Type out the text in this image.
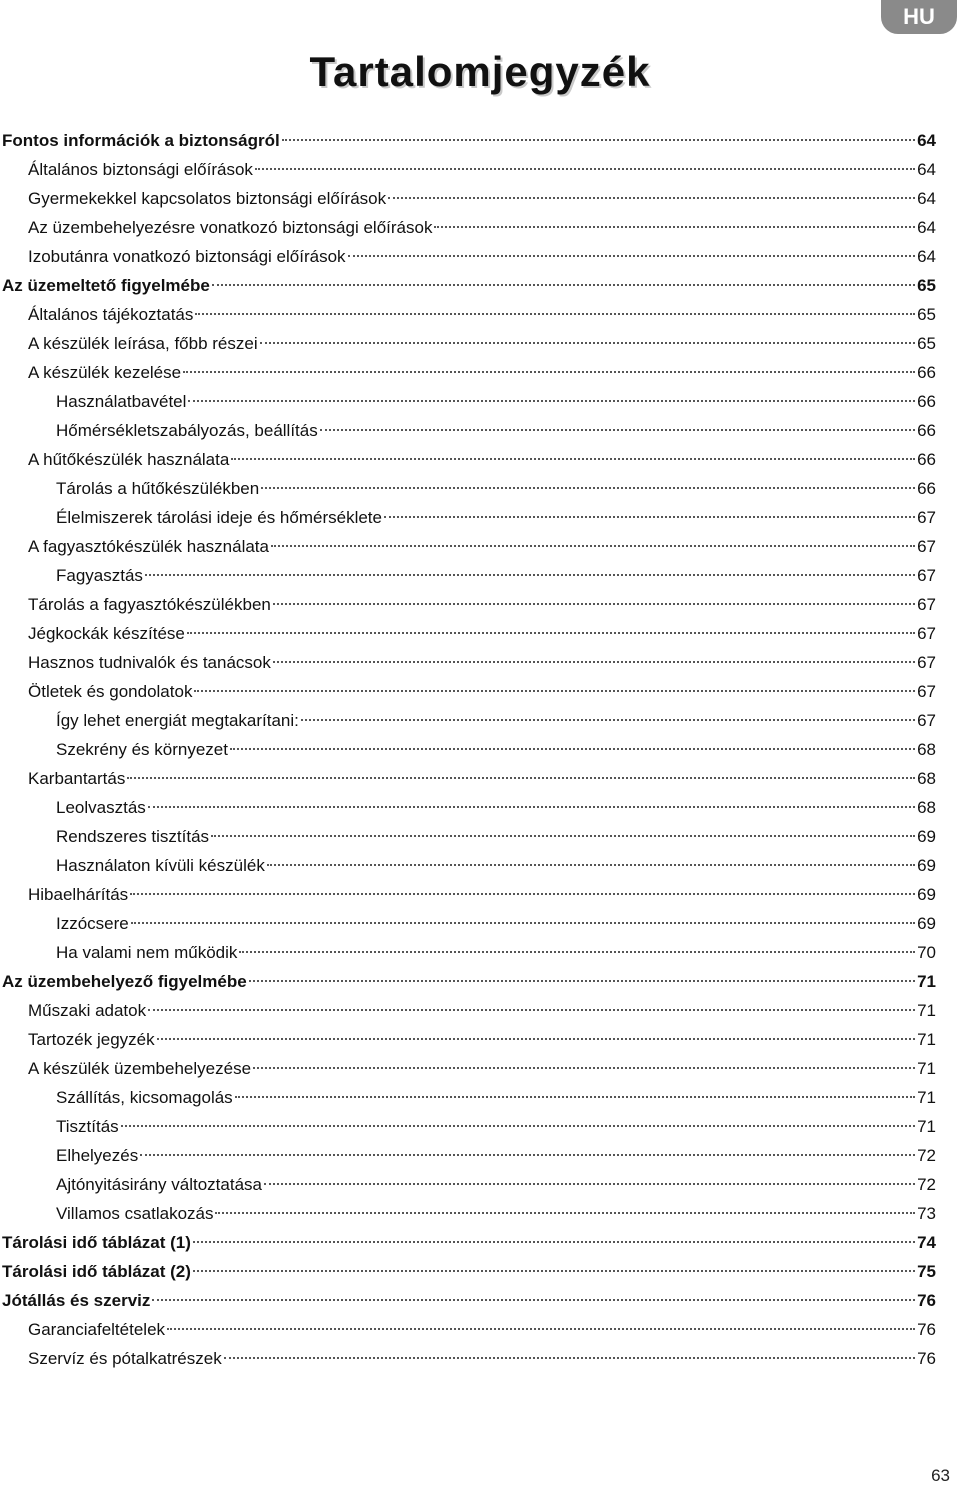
HU
Tartalomjegyzék
Fontos információk a biztonságról	64
Általános biztonsági előírások	64
Gyermekekkel kapcsolatos biztonsági előírások	64
Az üzembehelyezésre vonatkozó biztonsági előírások	64
Izobutánra vonatkozó biztonsági előírások	64
Az üzemeltető figyelmébe	65
Általános tájékoztatás	65
A készülék leírása, főbb részei	65
A készülék kezelése	66
Használatbavétel	66
Hőmérsékletszabályozás, beállítás	66
A hűtőkészülék használata	66
Tárolás a hűtőkészülékben	66
Élelmiszerek tárolási ideje és hőmérséklete	67
A fagyasztókészülék használata	67
Fagyasztás	67
Tárolás a fagyasztókészülékben	67
Jégkockák készítése	67
Hasznos tudnivalók és tanácsok	67
Ötletek és gondolatok	67
Így lehet energiát megtakarítani:	67
Szekrény és környezet	68
Karbantartás	68
Leolvasztás	68
Rendszeres tisztítás	69
Használaton kívüli készülék	69
Hibaelhárítás	69
Izzócsere	69
Ha valami nem működik	70
Az üzembehelyező figyelmébe	71
Műszaki adatok	71
Tartozék jegyzék	71
A készülék üzembehelyezése	71
Szállítás, kicsomagolás	71
Tisztítás	71
Elhelyezés	72
Ajtónyitásirány változtatása	72
Villamos csatlakozás	73
Tárolási idő táblázat (1)	74
Tárolási idő táblázat (2)	75
Jótállás és szerviz	76
Garanciafeltételek	76
Szervíz és pótalkatrészek	76
63
